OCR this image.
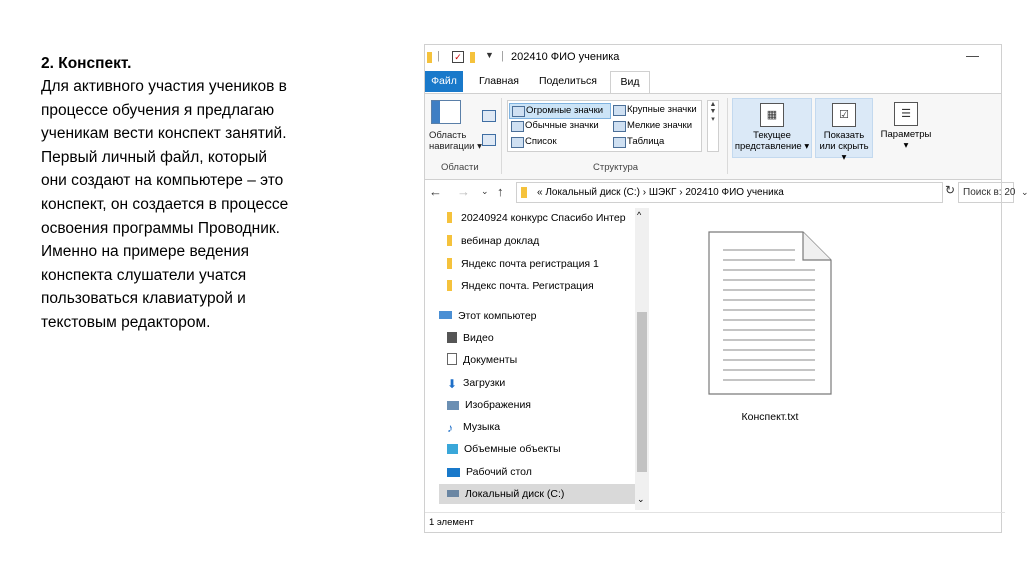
2. Конспект.
Для активного участия учеников в
процессе обучения я предлагаю
ученикам вести конспект занятий.
Первый личный файл, который
они создают на компьютере – это
конспект, он создается в процессе
освоения программы Проводник.
Именно на примере ведения
конспекта слушатели учатся
пользоваться клавиатурой и
текстовым редактором.
| ✓	▼ | 202410 ФИО ученика	—
Файл	Главная	Поделиться	Вид
Область
навигации ▾
Области
Огромные значки	Крупные значки
Обычные значки	Мелкие значки
Список	Таблица
▲
▼
▾
Структура
▦
Текущее
представление ▾
☑
Показать
или скрыть ▾
☰
Параметры
▾
← → ⌄ ↑	« Локальный диск (C:) › ШЭКГ › 202410 ФИО ученика	⌄
↻ Поиск в: 20
20240924 конкурс Спасибо Интер
вебинар доклад
Яндекс почта регистрация 1
Яндекс почта. Регистрация
Этот компьютер
Видео
Документы
⬇ Загрузки
Изображения
♪ Музыка
Объемные объекты
Рабочий стол
Локальный диск (C:)
^
⌄
Конспект.txt
1 элемент
